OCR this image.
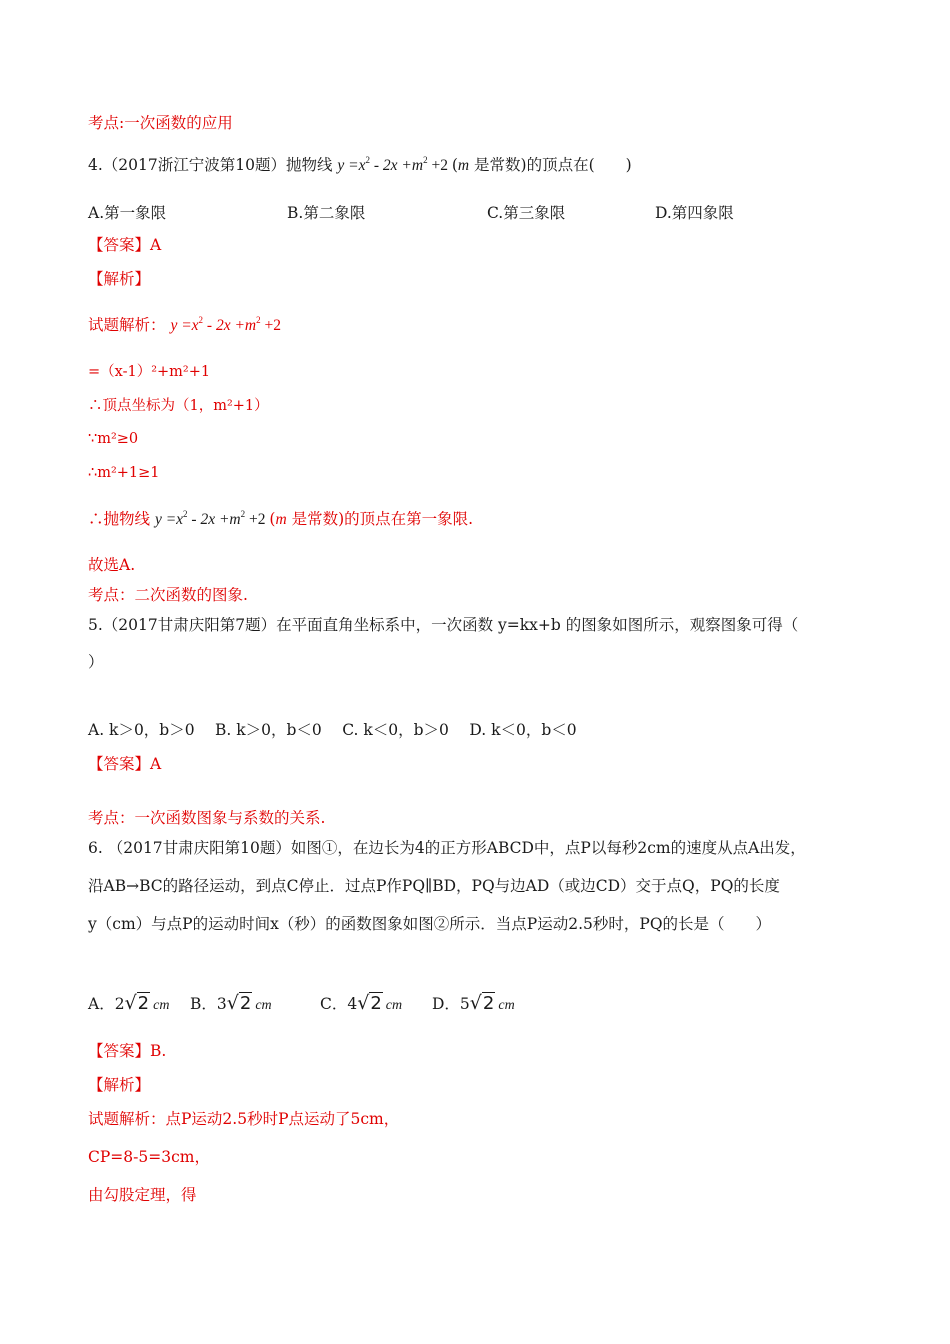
考点:一次函数的应用
4.（2017浙江宁波第10题）抛物线 $y =x^2 - 2x +m^2 +2$ (m 是常数)的顶点在(　　)
A.第一象限	B.第二象限	C.第三象限	D.第四象限
【答案】A
【解析】
试题解析： $y =x^2 - 2x +m^2 +2$
=（x-1）²+m²+1
∴顶点坐标为（1，m²+1）
∵m²≥0
∴m²+1≥1
∴抛物线 $y =x^2 - 2x +m^2 +2$ (m 是常数)的顶点在第一象限.
故选A.
考点：二次函数的图象.
5.（2017甘肃庆阳第7题）在平面直角坐标系中，一次函数 y=kx+b 的图象如图所示，观察图象可得（
）
A. k＞0，b＞0　 B. k＞0，b＜0　 C. k＜0，b＞0　 D. k＜0，b＜0
【答案】A
考点：一次函数图象与系数的关系.
6. （2017甘肃庆阳第10题）如图①，在边长为4的正方形ABCD中，点P以每秒2cm的速度从点A出发，
沿AB→BC的路径运动，到点C停止．过点P作PQ∥BD，PQ与边AD（或边CD）交于点Q，PQ的长度
y（cm）与点P的运动时间x（秒）的函数图象如图②所示．当点P运动2.5秒时，PQ的长是（　　）
A．2√2 cm B．3√2 cm	C．4√2 cm D．5√2 cm
【答案】B.
【解析】
试题解析：点P运动2.5秒时P点运动了5cm，
CP=8-5=3cm，
由勾股定理，得
